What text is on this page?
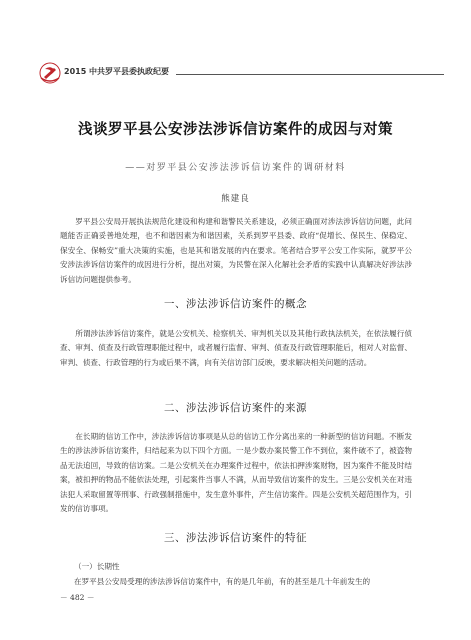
2015 中共罗平县委执政纪要
浅谈罗平县公安涉法涉诉信访案件的成因与对策
——对罗平县公安涉法涉诉信访案件的调研材料
熊建良

罗平县公安局开展执法规范化建设和构建和谐警民关系建设，必须正确面对涉法涉诉信访问题，此问题能否正确妥善地处理，也不和谐因素为和谐因素，关系到罗平县委、政府“促增长、保民生、保稳定、保安全、保畅安”重大决策的实施，也是其和谐发展的内在要求。笔者结合罗平公安工作实际，就罗平公安涉法涉诉信访案件的成因进行分析，提出对策，为民警在深入化解社会矛盾的实践中认真解决好涉法涉诉信访问题提供参考。

一、涉法涉诉信访案件的概念

所谓涉法涉诉信访案件，就是公安机关、检察机关、审判机关以及其他行政执法机关，在依法履行侦查、审判、侦查及行政管理职能过程中，或者履行监督、审判、侦查及行政管理职能后，相对人对监督、审判、侦查、行政管理的行为或后果不满，向有关信访部门反映，要求解决相关问题的活动。

二、涉法涉诉信访案件的来源

在长期的信访工作中，涉法涉诉信访事项是从总的信访工作分离出来的一种新型的信访问题。不断发生的涉法涉诉信访案件，归结起来为以下四个方面。一是少数办案民警工作不到位，案件破不了，被盗物品无法追回，导致的信访案。二是公安机关在办理案件过程中，依法扣押涉案财物，因为案件不能及时结案，被扣押的物品不能依法处理，引起案件当事人不满，从而导致信访案件的发生。三是公安机关在对违法犯人采取留置等刑事、行政强制措施中，发生意外事件，产生信访案件。四是公安机关超范围作为，引发的信访事项。

三、涉法涉诉信访案件的特征
（一）长期性
在罗平县公安局受理的涉法涉诉信访案件中，有的是几年前，有的甚至是几十年前发生的
－ 482 －
